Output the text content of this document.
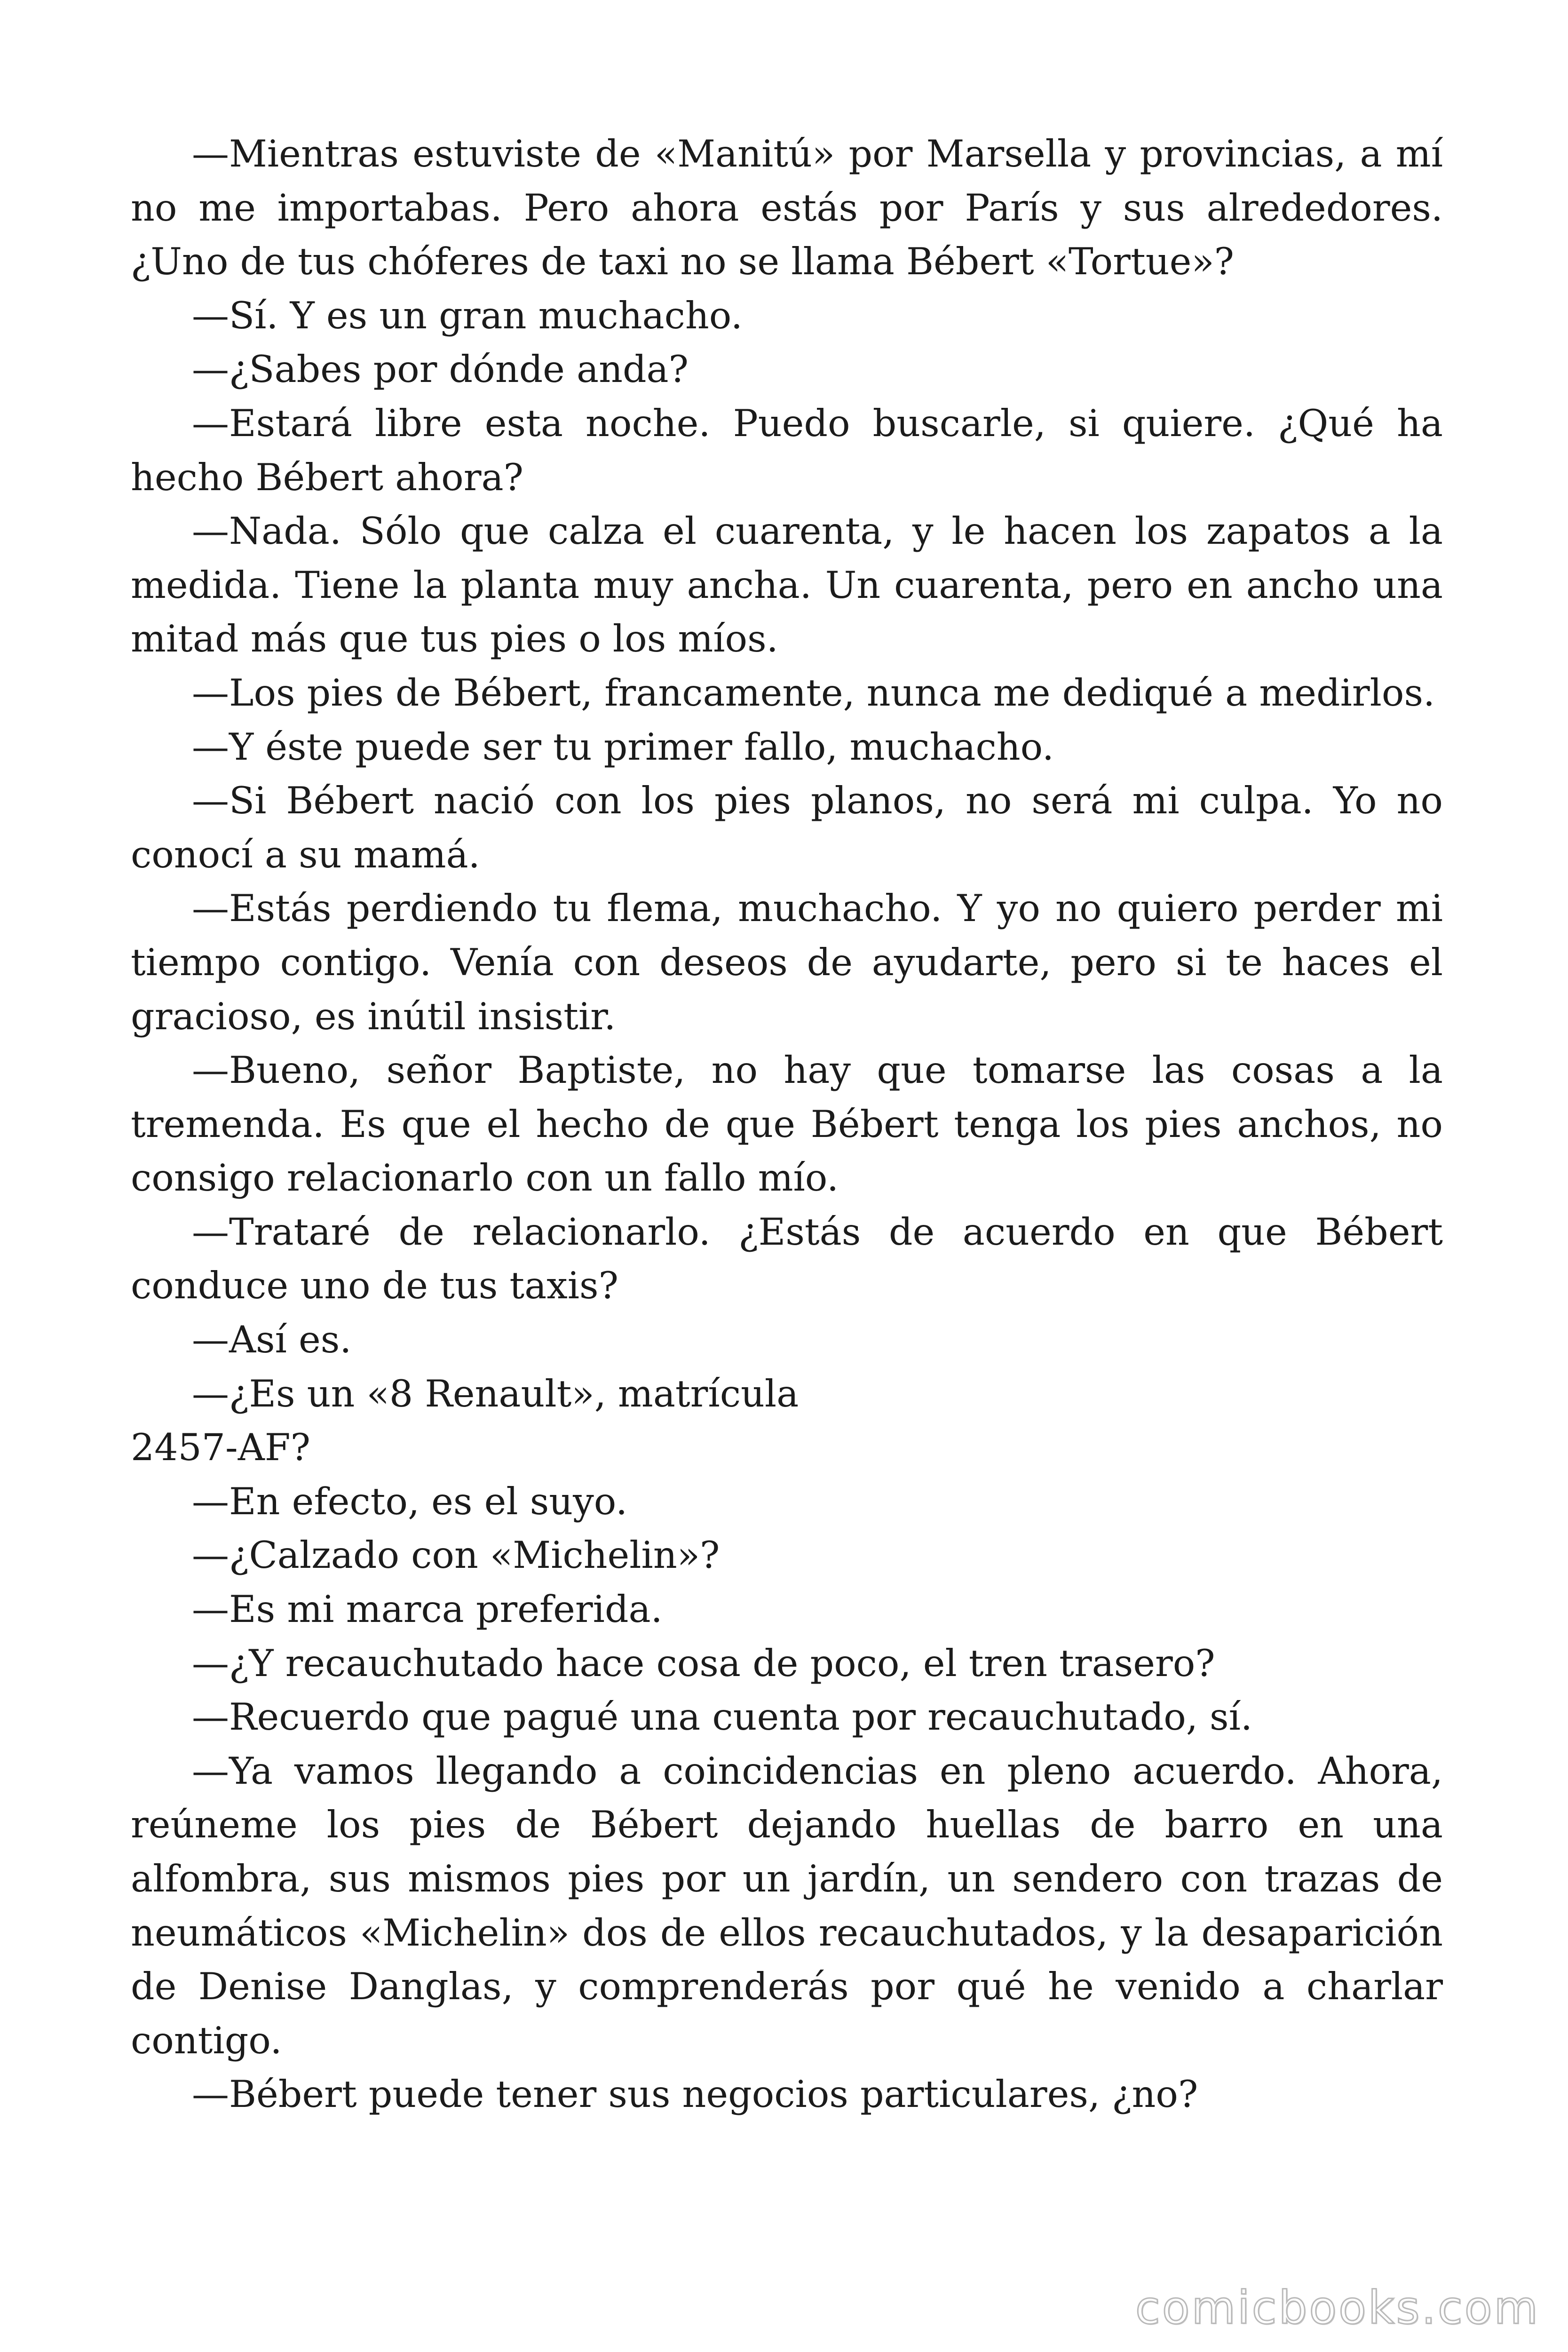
—Mientras estuviste de «Manitú» por Marsella y provincias, a mí no me importabas. Pero ahora estás por París y sus alrededores. ¿Uno de tus chóferes de taxi no se llama Bébert «Tortue»?

—Sí. Y es un gran muchacho.

—¿Sabes por dónde anda?

—Estará libre esta noche. Puedo buscarle, si quiere. ¿Qué ha hecho Bébert ahora?

—Nada. Sólo que calza el cuarenta, y le hacen los zapatos a la medida. Tiene la planta muy ancha. Un cuarenta, pero en ancho una mitad más que tus pies o los míos.

—Los pies de Bébert, francamente, nunca me dediqué a medirlos.

—Y éste puede ser tu primer fallo, muchacho.

—Si Bébert nació con los pies planos, no será mi culpa. Yo no conocí a su mamá.

—Estás perdiendo tu flema, muchacho. Y yo no quiero perder mi tiempo contigo. Venía con deseos de ayudarte, pero si te haces el gracioso, es inútil insistir.

—Bueno, señor Baptiste, no hay que tomarse las cosas a la tremenda. Es que el hecho de que Bébert tenga los pies anchos, no consigo relacionarlo con un fallo mío.

—Trataré de relacionarlo. ¿Estás de acuerdo en que Bébert conduce uno de tus taxis?

—Así es.

—¿Es un «8 Renault», matrícula

2457-AF?

—En efecto, es el suyo.

—¿Calzado con «Michelin»?

—Es mi marca preferida.

—¿Y recauchutado hace cosa de poco, el tren trasero?

—Recuerdo que pagué una cuenta por recauchutado, sí.

—Ya vamos llegando a coincidencias en pleno acuerdo. Ahora, reúneme los pies de Bébert dejando huellas de barro en una alfombra, sus mismos pies por un jardín, un sendero con trazas de neumáticos «Michelin» dos de ellos recauchutados, y la desaparición de Denise Danglas, y comprenderás por qué he venido a charlar contigo.

—Bébert puede tener sus negocios particulares, ¿no?

comicbooks.com
